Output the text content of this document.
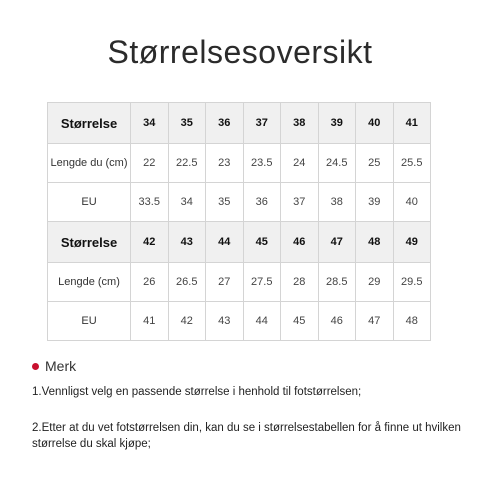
Størrelsesoversikt
Størrelse	34	35	36	37	38	39	40	41
Lengde du (cm)	22	22.5	23	23.5	24	24.5	25	25.5
EU	33.5	34	35	36	37	38	39	40
Størrelse	42	43	44	45	46	47	48	49
Lengde (cm)	26	26.5	27	27.5	28	28.5	29	29.5
EU	41	42	43	44	45	46	47	48
Merk

1.Vennligst velg en passende størrelse i henhold til fotstørrelsen;

2.Etter at du vet fotstørrelsen din, kan du se i størrelsestabellen for å finne ut hvilken størrelse du skal kjøpe;
